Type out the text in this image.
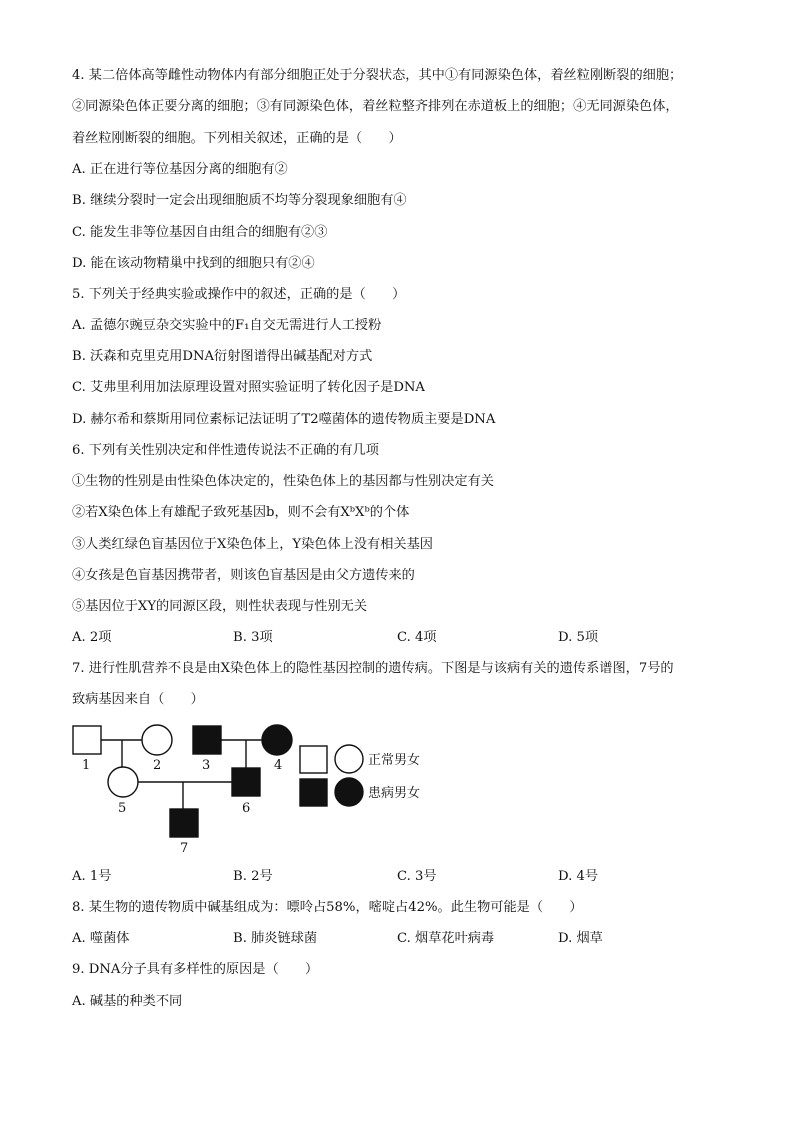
4. 某二倍体高等雌性动物体内有部分细胞正处于分裂状态，其中①有同源染色体，着丝粒刚断裂的细胞；
②同源染色体正要分离的细胞；③有同源染色体，着丝粒整齐排列在赤道板上的细胞；④无同源染色体，
着丝粒刚断裂的细胞。下列相关叙述，正确的是（　　）
A. 正在进行等位基因分离的细胞有②
B. 继续分裂时一定会出现细胞质不均等分裂现象细胞有④
C. 能发生非等位基因自由组合的细胞有②③
D. 能在该动物精巢中找到的细胞只有②④
5. 下列关于经典实验或操作中的叙述，正确的是（　　）
A. 孟德尔豌豆杂交实验中的F₁自交无需进行人工授粉
B. 沃森和克里克用DNA衍射图谱得出碱基配对方式
C. 艾弗里利用加法原理设置对照实验证明了转化因子是DNA
D. 赫尔希和蔡斯用同位素标记法证明了T2噬菌体的遗传物质主要是DNA
6. 下列有关性别决定和伴性遗传说法不正确的有几项
①生物的性别是由性染色体决定的，性染色体上的基因都与性别决定有关
②若X染色体上有雄配子致死基因b，则不会有XᵇXᵇ的个体
③人类红绿色盲基因位于X染色体上，Y染色体上没有相关基因
④女孩是色盲基因携带者，则该色盲基因是由父方遗传来的
⑤基因位于XY的同源区段，则性状表现与性别无关
A. 2项	B. 3项	C. 4项	D. 5项
7. 进行性肌营养不良是由X染色体上的隐性基因控制的遗传病。下图是与该病有关的遗传系谱图，7号的
致病基因来自（　　）
1	2	3	4
5	6
7
正常男女
患病男女
A. 1号	B. 2号	C. 3号	D. 4号
8. 某生物的遗传物质中碱基组成为：嘌呤占58%，嘧啶占42%。此生物可能是（　　）
A. 噬菌体	B. 肺炎链球菌	C. 烟草花叶病毒	D. 烟草
9. DNA分子具有多样性的原因是（　　）
A. 碱基的种类不同
